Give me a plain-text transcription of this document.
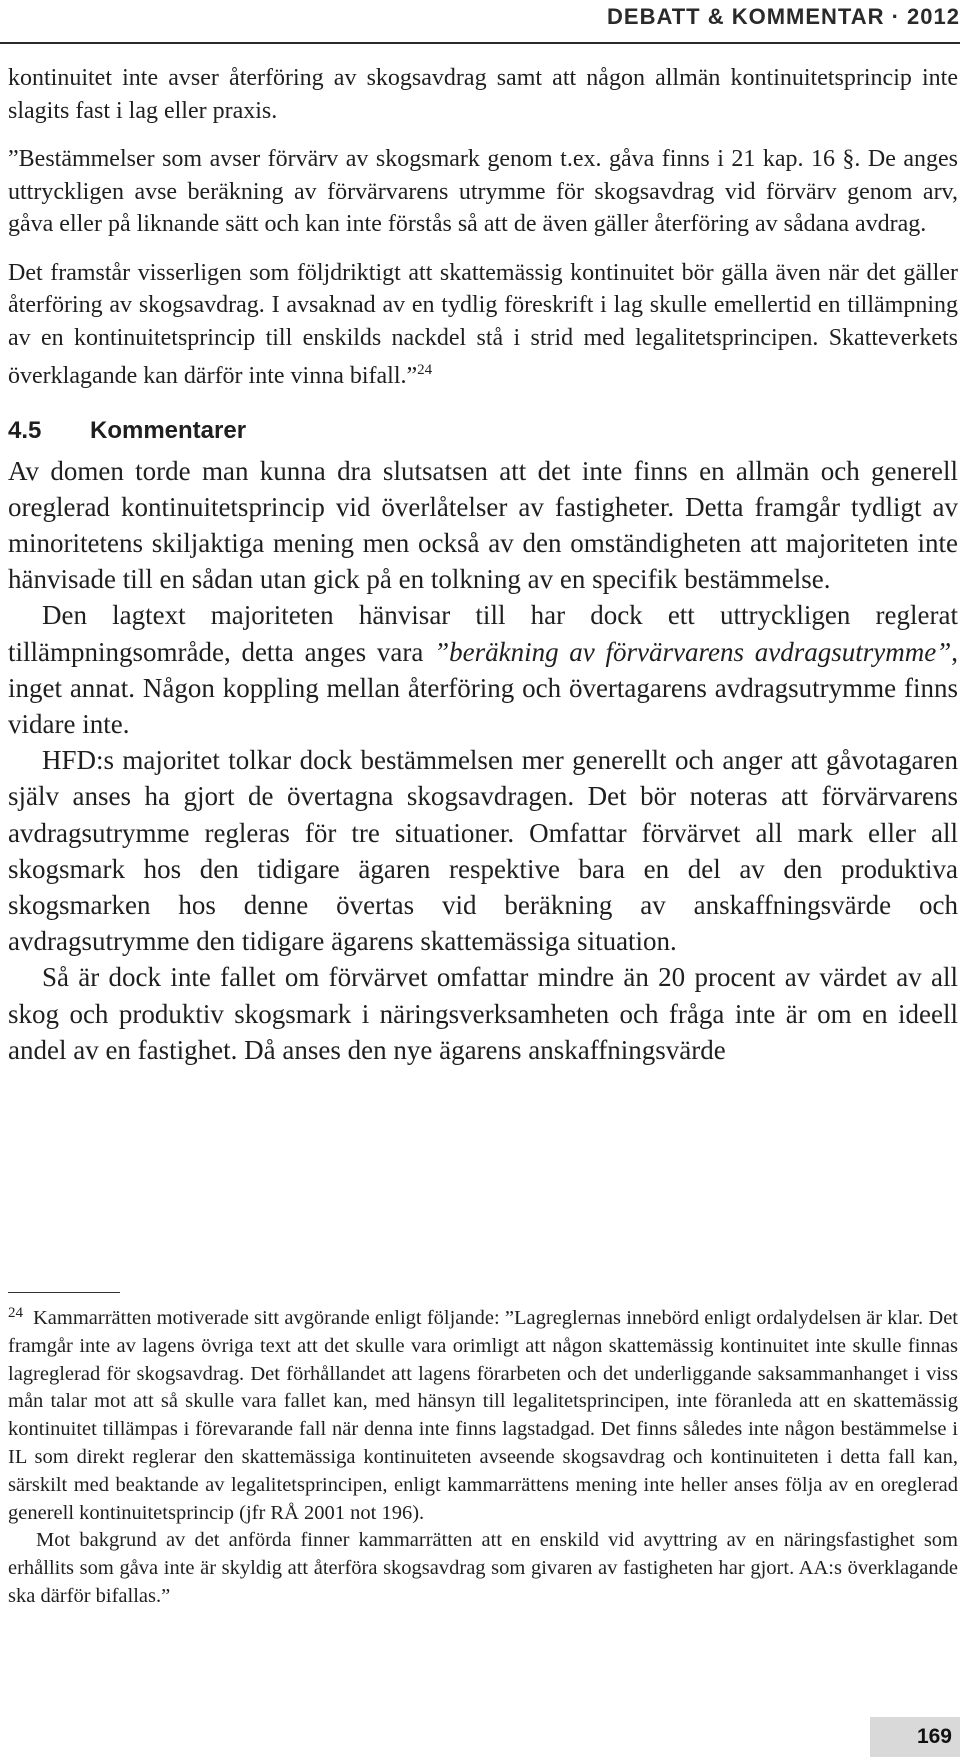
DEBATT & KOMMENTAR · 2012

kontinuitet inte avser återföring av skogsavdrag samt att någon allmän kontinuitetsprincip inte slagits fast i lag eller praxis.

”Bestämmelser som avser förvärv av skogsmark genom t.ex. gåva finns i 21 kap. 16 §. De anges uttryckligen avse beräkning av förvärvarens utrymme för skogsavdrag vid förvärv genom arv, gåva eller på liknande sätt och kan inte förstås så att de även gäller återföring av sådana avdrag.

Det framstår visserligen som följdriktigt att skattemässig kontinuitet bör gälla även när det gäller återföring av skogsavdrag. I avsaknad av en tydlig föreskrift i lag skulle emellertid en tillämpning av en kontinuitetsprincip till enskilds nackdel stå i strid med legalitetsprincipen. Skatteverkets överklagande kan därför inte vinna bifall.”$^{24}$

4.5 Kommentarer

Av domen torde man kunna dra slutsatsen att det inte finns en allmän och generell oreglerad kontinuitetsprincip vid överlåtelser av fastigheter. Detta framgår tydligt av minoritetens skiljaktiga mening men också av den omständigheten att majoriteten inte hänvisade till en sådan utan gick på en tolkning av en specifik bestämmelse.

Den lagtext majoriteten hänvisar till har dock ett uttryckligen reglerat tillämpningsområde, detta anges vara ”beräkning av förvärvarens avdragsutrymme”, inget annat. Någon koppling mellan återföring och övertagarens avdragsutrymme finns vidare inte.

HFD:s majoritet tolkar dock bestämmelsen mer generellt och anger att gåvotagaren själv anses ha gjort de övertagna skogsavdragen. Det bör noteras att förvärvarens avdragsutrymme regleras för tre situationer. Omfattar förvärvet all mark eller all skogsmark hos den tidigare ägaren respektive bara en del av den produktiva skogsmarken hos denne övertas vid beräkning av anskaffningsvärde och avdragsutrymme den tidigare ägarens skattemässiga situation.

Så är dock inte fallet om förvärvet omfattar mindre än 20 procent av värdet av all skog och produktiv skogsmark i näringsverksamheten och fråga inte är om en ideell andel av en fastighet. Då anses den nye ägarens anskaffningsvärde

$^{24}$ Kammarrätten motiverade sitt avgörande enligt följande: ”Lagreglernas innebörd enligt ordalydelsen är klar. Det framgår inte av lagens övriga text att det skulle vara orimligt att någon skattemässig kontinuitet inte skulle finnas lagreglerad för skogsavdrag. Det förhållandet att lagens förarbeten och det underliggande saksammanhanget i viss mån talar mot att så skulle vara fallet kan, med hänsyn till legalitetsprincipen, inte föranleda att en skattemässig kontinuitet tillämpas i förevarande fall när denna inte finns lagstadgad. Det finns således inte någon bestämmelse i IL som direkt reglerar den skattemässiga kontinuiteten avseende skogsavdrag och kontinuiteten i detta fall kan, särskilt med beaktande av legalitetsprincipen, enligt kammarrättens mening inte heller anses följa av en oreglerad generell kontinuitetsprincip (jfr RÅ 2001 not 196).

Mot bakgrund av det anförda finner kammarrätten att en enskild vid avyttring av en näringsfastighet som erhållits som gåva inte är skyldig att återföra skogsavdrag som givaren av fastigheten har gjort. AA:s överklagande ska därför bifallas.”

169
